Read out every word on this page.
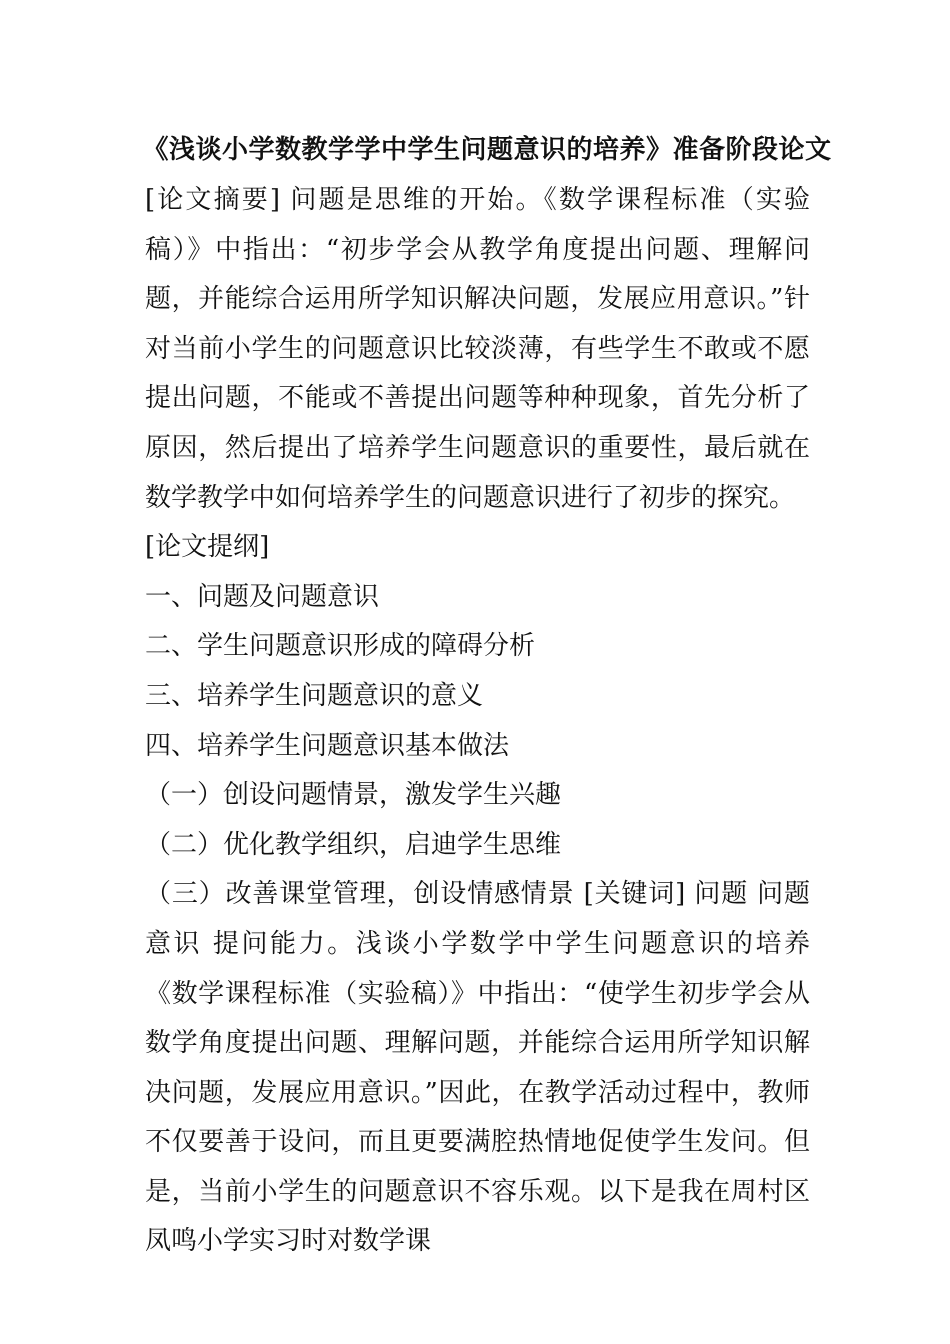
《浅谈小学数教学学中学生问题意识的培养》准备阶段论文

[论文摘要] 问题是思维的开始。《数学课程标准（实验稿）》中指出：“初步学会从教学角度提出问题、理解问题，并能综合运用所学知识解决问题，发展应用意识。”针对当前小学生的问题意识比较淡薄，有些学生不敢或不愿提出问题，不能或不善提出问题等种种现象，首先分析了原因，然后提出了培养学生问题意识的重要性，最后就在数学教学中如何培养学生的问题意识进行了初步的探究。

[论文提纲]

一、问题及问题意识

二、学生问题意识形成的障碍分析

三、培养学生问题意识的意义

四、培养学生问题意识基本做法

（一）创设问题情景，激发学生兴趣

（二）优化教学组织，启迪学生思维

（三）改善课堂管理，创设情感情景 [关键词] 问题 问题意识 提问能力。浅谈小学数学中学生问题意识的培养 《数学课程标准（实验稿）》中指出：“使学生初步学会从数学角度提出问题、理解问题，并能综合运用所学知识解决问题，发展应用意识。”因此，在教学活动过程中，教师不仅要善于设问，而且更要满腔热情地促使学生发问。但是，当前小学生的问题意识不容乐观。以下是我在周村区凤鸣小学实习时对数学课
